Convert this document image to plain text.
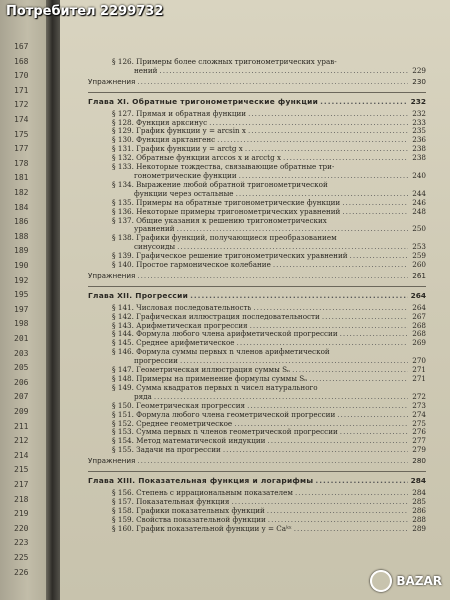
167
168
170
171
172
174
175
177
178
181
182
184
186
188
189
190
192
195
197
198
201
203
205
206
207
209
211
212
214
215
217
218
219
220
223
225
226
§ 126. Примеры более сложных тригонометрических урав-
нений .....	229
Упражнения .....	230
Глава XI. Обратные тригонометрические функции .....	232
§ 127. Прямая и обратная функции .....	232
§ 128. Функция арксинус .....	233
§ 129. График функции y = arcsin x .....	235
§ 130. Функция арктангенс .....	236
§ 131. График функции y = arctg x .....	238
§ 132. Обратные функции arccos x и arcctg x .....	238
§ 133. Некоторые тождества, связывающие обратные три-
гонометрические функции .....	240
§ 134. Выражение любой обратной тригонометрической
функции через остальные .....	244
§ 135. Примеры на обратные тригонометрические функции .....	246
§ 136. Некоторые примеры тригонометрических уравнений .....	248
§ 137. Общие указания к решению тригонометрических
уравнений .....	250
§ 138. Графики функций, получающиеся преобразованием
синусоиды .....	253
§ 139. Графическое решение тригонометрических уравнений .....	259
§ 140. Простое гармоническое колебание .....	260
Упражнения .....	261
Глава XII. Прогрессии .....	264
§ 141. Числовая последовательность .....	264
§ 142. Графическая иллюстрация последовательности .....	267
§ 143. Арифметическая прогрессия .....	268
§ 144. Формула любого члена арифметической прогрессии .....	268
§ 145. Среднее арифметическое .....	269
§ 146. Формула суммы первых n членов арифметической
прогрессии .....	270
§ 147. Геометрическая иллюстрация суммы Sₙ .....	271
§ 148. Примеры на применение формулы суммы Sₙ .....	271
§ 149. Сумма квадратов первых n чисел натурального
ряда .....	272
§ 150. Геометрическая прогрессия .....	273
§ 151. Формула любого члена геометрической прогрессии .....	274
§ 152. Среднее геометрическое .....	275
§ 153. Сумма первых n членов геометрической прогрессии .....	276
§ 154. Метод математической индукции .....	277
§ 155. Задачи на прогрессии .....	279
Упражнения .....	280
Глава XIII. Показательная функция и логарифмы .....	284
§ 156. Степень с иррациональным показателем .....	284
§ 157. Показательная функция .....	285
§ 158. Графики показательных функций .....	286
§ 159. Свойства показательной функции .....	288
§ 160. График показательной функции y = Caᵏˣ .....	289
Потребител 2299732
BAZAR
